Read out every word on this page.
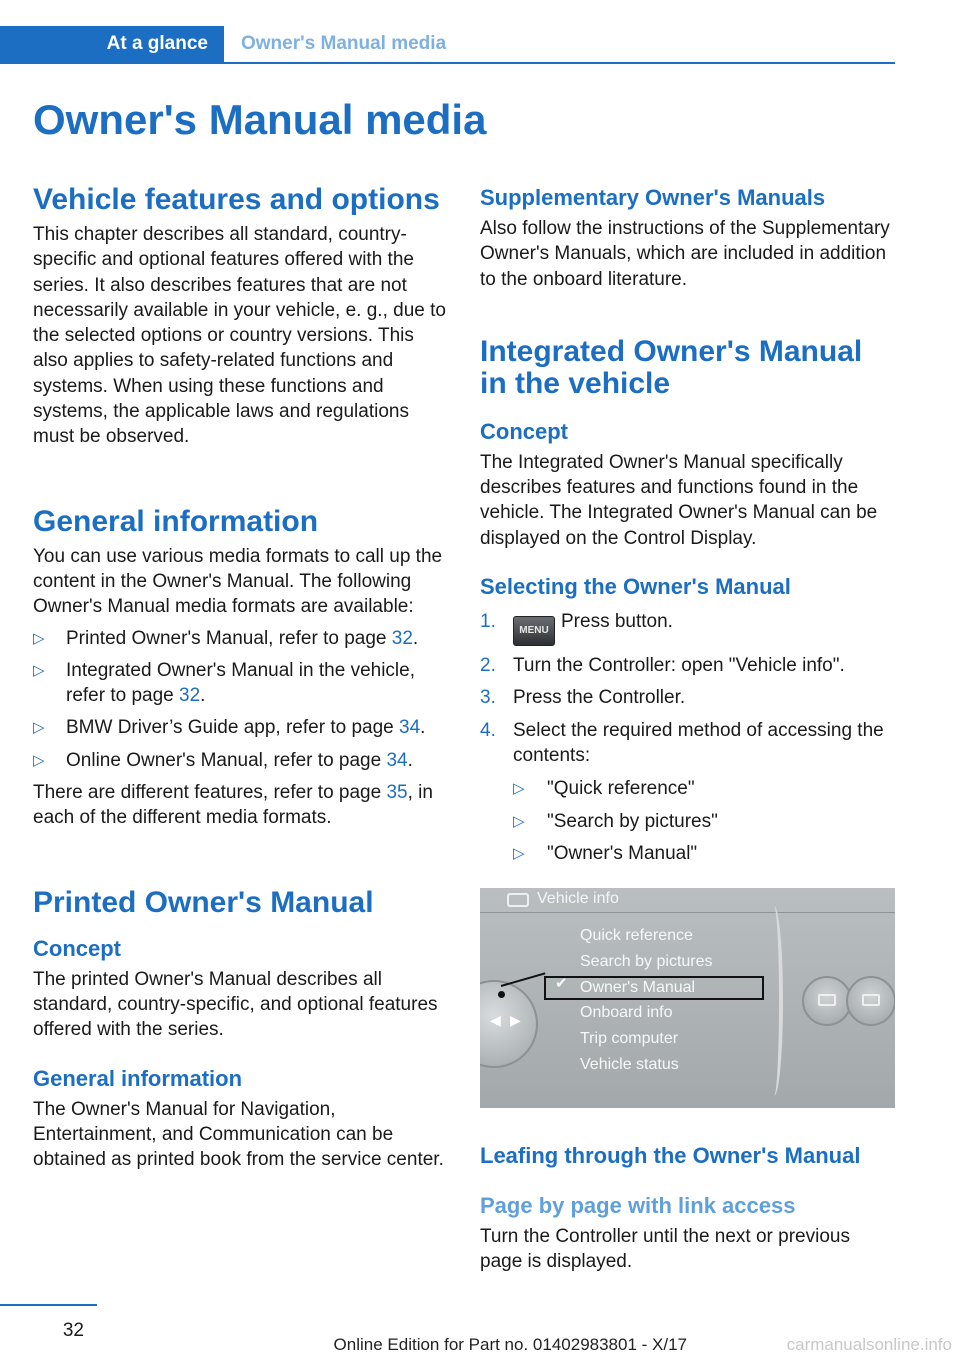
At a glance	Owner's Manual media
Owner's Manual media
Vehicle features and options

This chapter describes all standard, country-specific and optional features offered with the series. It also describes features that are not necessarily available in your vehicle, e. g., due to the selected options or country versions. This also applies to safety-related functions and systems. When using these functions and systems, the applicable laws and regulations must be observed.

General information

You can use various media formats to call up the content in the Owner's Manual. The following Owner's Manual media formats are available:

▷ Printed Owner's Manual, refer to page 32.
▷ Integrated Owner's Manual in the vehicle, refer to page 32.
▷ BMW Driver’s Guide app, refer to page 34.
▷ Online Owner's Manual, refer to page 34.

There are different features, refer to page 35, in each of the different media formats.

Printed Owner's Manual
Concept

The printed Owner's Manual describes all standard, country-specific, and optional features offered with the series.

General information

The Owner's Manual for Navigation, Entertainment, and Communication can be obtained as printed book from the service center.

Supplementary Owner's Manuals

Also follow the instructions of the Supplementary Owner's Manuals, which are included in addition to the onboard literature.

Integrated Owner's Manual in the vehicle
Concept

The Integrated Owner's Manual specifically describes features and functions found in the vehicle. The Integrated Owner's Manual can be displayed on the Control Display.

Selecting the Owner's Manual
1. MENU Press button.
2. Turn the Controller: open "Vehicle info".
3. Press the Controller.
4. Select the required method of accessing the contents:
▷ "Quick reference"
▷ "Search by pictures"
▷ "Owner's Manual"
Vehicle info
◀ ▶
Quick reference
Search by pictures
Owner's Manual
Onboard info
Trip computer
Vehicle status
✔
Leafing through the Owner's Manual
Page by page with link access

Turn the Controller until the next or previous page is displayed.

32
Online Edition for Part no. 01402983801 - X/17	carmanualsonline.info
